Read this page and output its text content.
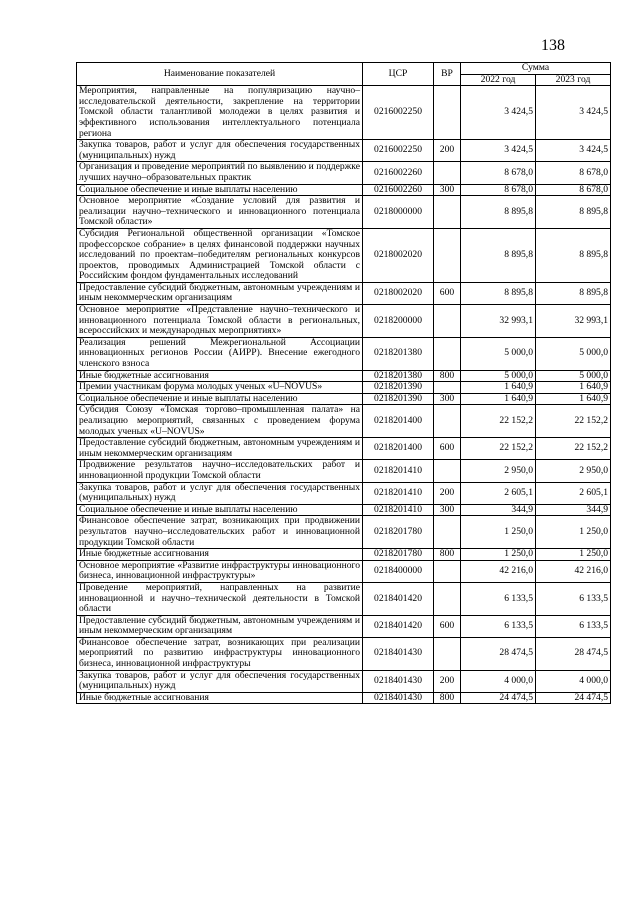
138
Наименование показателей	ЦСР	ВР	Сумма	
			2022 год	2023 год
Мероприятия, направленные на популяризацию научно–исследовательской деятельности, закрепление на территории Томской области талантливой молодежи в целях развития и эффективного использования интеллектуального потенциала региона	0216002250		3 424,5	3 424,5
Закупка товаров, работ и услуг для обеспечения государственных (муниципальных) нужд	0216002250	200	3 424,5	3 424,5
Организация и проведение мероприятий по выявлению и поддержке лучших научно–образовательных практик	0216002260		8 678,0	8 678,0
Социальное обеспечение и иные выплаты населению	0216002260	300	8 678,0	8 678,0
Основное мероприятие «Создание условий для развития и реализации научно–технического и инновационного потенциала Томской области»	0218000000		8 895,8	8 895,8
Субсидия Региональной общественной организации «Томское профессорское собрание» в целях финансовой поддержки научных исследований по проектам–победителям региональных конкурсов проектов, проводимых Администрацией Томской области с Российским фондом фундаментальных исследований	0218002020		8 895,8	8 895,8
Предоставление субсидий бюджетным, автономным учреждениям и иным некоммерческим организациям	0218002020	600	8 895,8	8 895,8
Основное мероприятие «Представление научно–технического и инновационного потенциала Томской области в региональных, всероссийских и международных мероприятиях»	0218200000		32 993,1	32 993,1
Реализация решений Межрегиональной Ассоциации инновационных регионов России (АИРР). Внесение ежегодного членского взноса	0218201380		5 000,0	5 000,0
Иные бюджетные ассигнования	0218201380	800	5 000,0	5 000,0
Премии участникам форума молодых ученых «U–NOVUS»	0218201390		1 640,9	1 640,9
Социальное обеспечение и иные выплаты населению	0218201390	300	1 640,9	1 640,9
Субсидия Союзу «Томская торгово–промышленная палата» на реализацию мероприятий, связанных с проведением форума молодых ученых «U–NOVUS»	0218201400		22 152,2	22 152,2
Предоставление субсидий бюджетным, автономным учреждениям и иным некоммерческим организациям	0218201400	600	22 152,2	22 152,2
Продвижение результатов научно–исследовательских работ и инновационной продукции Томской области	0218201410		2 950,0	2 950,0
Закупка товаров, работ и услуг для обеспечения государственных (муниципальных) нужд	0218201410	200	2 605,1	2 605,1
Социальное обеспечение и иные выплаты населению	0218201410	300	344,9	344,9
Финансовое обеспечение затрат, возникающих при продвижении результатов научно–исследовательских работ и инновационной продукции Томской области	0218201780		1 250,0	1 250,0
Иные бюджетные ассигнования	0218201780	800	1 250,0	1 250,0
Основное мероприятие «Развитие инфраструктуры инновационного бизнеса, инновационной инфраструктуры»	0218400000		42 216,0	42 216,0
Проведение мероприятий, направленных на развитие инновационной и научно–технической деятельности в Томской области	0218401420		6 133,5	6 133,5
Предоставление субсидий бюджетным, автономным учреждениям и иным некоммерческим организациям	0218401420	600	6 133,5	6 133,5
Финансовое обеспечение затрат, возникающих при реализации мероприятий по развитию инфраструктуры инновационного бизнеса, инновационной инфраструктуры	0218401430		28 474,5	28 474,5
Закупка товаров, работ и услуг для обеспечения государственных (муниципальных) нужд	0218401430	200	4 000,0	4 000,0
Иные бюджетные ассигнования	0218401430	800	24 474,5	24 474,5
